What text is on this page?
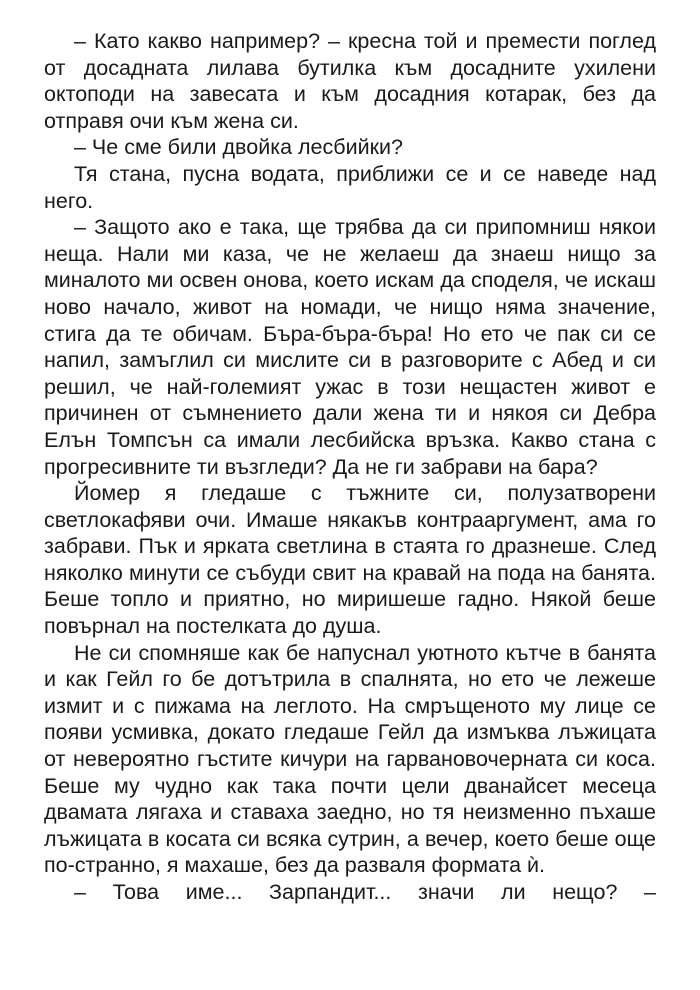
– Като какво например? – кресна той и премести поглед от досадната лилава бутилка към досадните ухилени октоподи на завесата и към досадния котарак, без да отправя очи към жена си.

– Че сме били двойка лесбийки?

Тя стана, пусна водата, приближи се и се наведе над него.

– Защото ако е така, ще трябва да си припомниш някои неща. Нали ми каза, че не желаеш да знаеш нищо за миналото ми освен онова, което искам да споделя, че искаш ново начало, живот на номади, че нищо няма значение, стига да те обичам. Бъра-бъра-бъра! Но ето че пак си се напил, замъглил си мислите си в разговорите с Абед и си решил, че най-големият ужас в този нещастен живот е причинен от съмнението дали жена ти и някоя си Дебра Елън Томпсън са имали лесбийска връзка. Какво стана с прогресивните ти възгледи? Да не ги забрави на бара?

Йомер я гледаше с тъжните си, полузатворени светлокафяви очи. Имаше някакъв контрааргумент, ама го забрави. Пък и ярката светлина в стаята го дразнеше. След няколко минути се събуди свит на кравай на пода на банята. Беше топло и приятно, но миришеше гадно. Някой беше повърнал на постелката до душа.

Не си спомняше как бе напуснал уютното кътче в банята и как Гейл го бе дотътрила в спалнята, но ето че лежеше измит и с пижама на леглото. На смръщеното му лице се появи усмивка, докато гледаше Гейл да измъква лъжицата от невероятно гъстите кичури на гарвановочерната си коса. Беше му чудно как така почти цели дванайсет месеца двамата лягаха и ставаха заедно, но тя неизменно пъхаше лъжицата в косата си всяка сутрин, а вечер, което беше още по-странно, я махаше, без да разваля формата ѝ.

– Това име... Зарпандит... значи ли нещо? –
